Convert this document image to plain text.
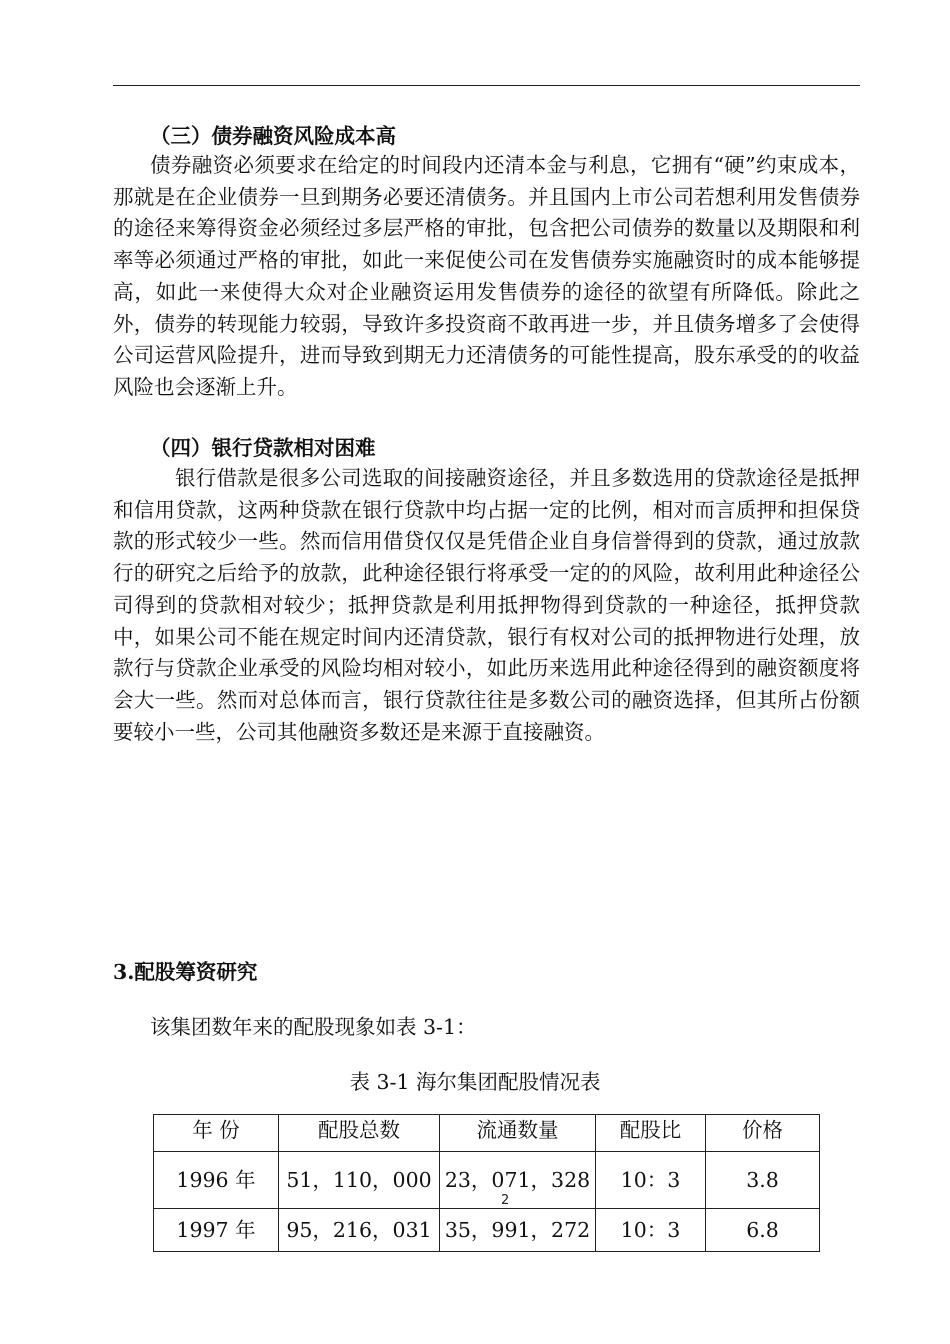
（三）债券融资风险成本高

债券融资必须要求在给定的时间段内还清本金与利息，它拥有“硬”约束成本，那就是在企业债券一旦到期务必要还清债务。并且国内上市公司若想利用发售债券的途径来筹得资金必须经过多层严格的审批，包含把公司债券的数量以及期限和利率等必须通过严格的审批，如此一来促使公司在发售债券实施融资时的成本能够提高，如此一来使得大众对企业融资运用发售债券的途径的欲望有所降低。除此之外，债券的转现能力较弱，导致许多投资商不敢再进一步，并且债务增多了会使得公司运营风险提升，进而导致到期无力还清债务的可能性提高，股东承受的的收益风险也会逐渐上升。

（四）银行贷款相对困难

银行借款是很多公司选取的间接融资途径，并且多数选用的贷款途径是抵押和信用贷款，这两种贷款在银行贷款中均占据一定的比例，相对而言质押和担保贷款的形式较少一些。然而信用借贷仅仅是凭借企业自身信誉得到的贷款，通过放款行的研究之后给予的放款，此种途径银行将承受一定的的风险，故利用此种途径公司得到的贷款相对较少；抵押贷款是利用抵押物得到贷款的一种途径，抵押贷款中，如果公司不能在规定时间内还清贷款，银行有权对公司的抵押物进行处理，放款行与贷款企业承受的风险均相对较小，如此历来选用此种途径得到的融资额度将会大一些。然而对总体而言，银行贷款往往是多数公司的融资选择，但其所占份额要较小一些，公司其他融资多数还是来源于直接融资。

3.配股筹资研究
该集团数年来的配股现象如表 3-1：
表 3-1 海尔集团配股情况表
年 份	配股总数	流通数量	配股比	价格
1996 年	51，110，000	23，071，328	10：3	3.8
1997 年	95，216，031	35，991，272	10：3	6.8
2
